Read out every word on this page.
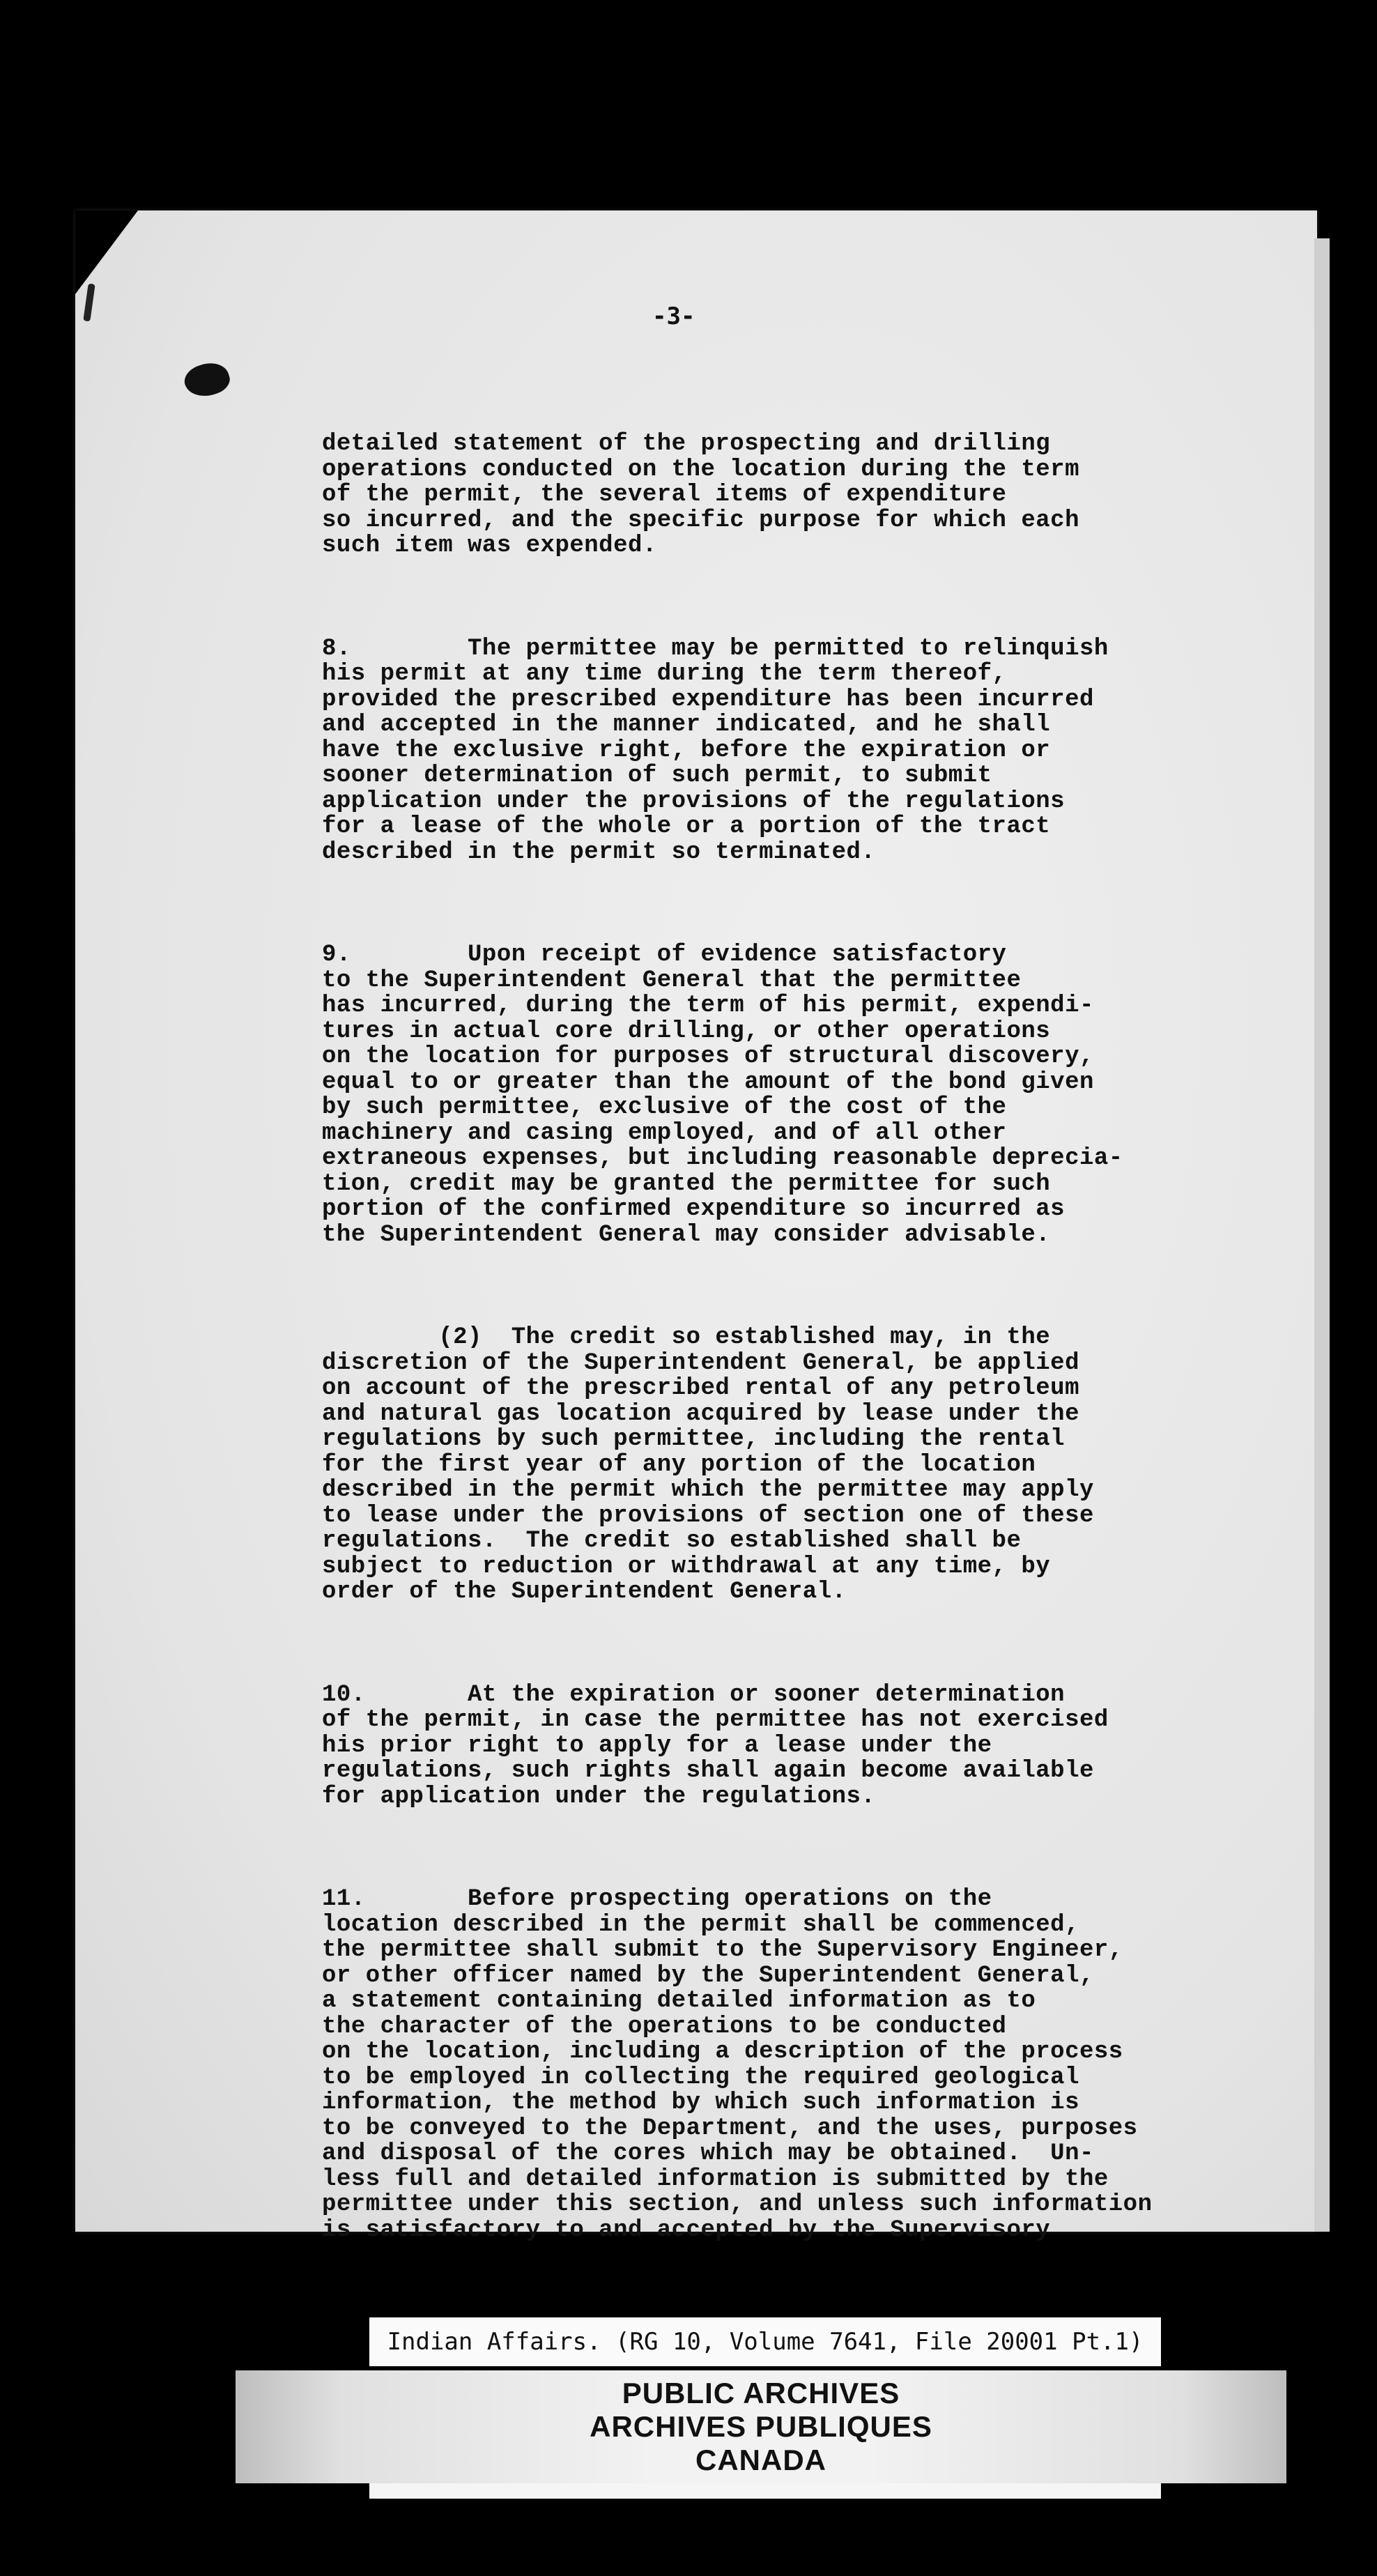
-3-

detailed statement of the prospecting and drilling
operations conducted on the location during the term
of the permit, the several items of expenditure
so incurred, and the specific purpose for which each
such item was expended.

8.        The permittee may be permitted to relinquish
his permit at any time during the term thereof,
provided the prescribed expenditure has been incurred
and accepted in the manner indicated, and he shall
have the exclusive right, before the expiration or
sooner determination of such permit, to submit
application under the provisions of the regulations
for a lease of the whole or a portion of the tract
described in the permit so terminated.

9.        Upon receipt of evidence satisfactory
to the Superintendent General that the permittee
has incurred, during the term of his permit, expendi-
tures in actual core drilling, or other operations
on the location for purposes of structural discovery,
equal to or greater than the amount of the bond given
by such permittee, exclusive of the cost of the
machinery and casing employed, and of all other
extraneous expenses, but including reasonable deprecia-
tion, credit may be granted the permittee for such
portion of the confirmed expenditure so incurred as
the Superintendent General may consider advisable.

(2)  The credit so established may, in the
discretion of the Superintendent General, be applied
on account of the prescribed rental of any petroleum
and natural gas location acquired by lease under the
regulations by such permittee, including the rental
for the first year of any portion of the location
described in the permit which the permittee may apply
to lease under the provisions of section one of these
regulations.  The credit so established shall be
subject to reduction or withdrawal at any time, by
order of the Superintendent General.

10.       At the expiration or sooner determination
of the permit, in case the permittee has not exercised
his prior right to apply for a lease under the
regulations, such rights shall again become available
for application under the regulations.

11.       Before prospecting operations on the
location described in the permit shall be commenced,
the permittee shall submit to the Supervisory Engineer,
or other officer named by the Superintendent General,
a statement containing detailed information as to
the character of the operations to be conducted
on the location, including a description of the process
to be employed in collecting the required geological
information, the method by which such information is
to be conveyed to the Department, and the uses, purposes
and disposal of the cores which may be obtained.  Un-
less full and detailed information is submitted by the
permittee under this section, and unless such information
is satisfactory to and accepted by the Supervisory

Indian Affairs. (RG 10, Volume 7641, File 20001 Pt.1)
PUBLIC ARCHIVES
ARCHIVES PUBLIQUES
CANADA
